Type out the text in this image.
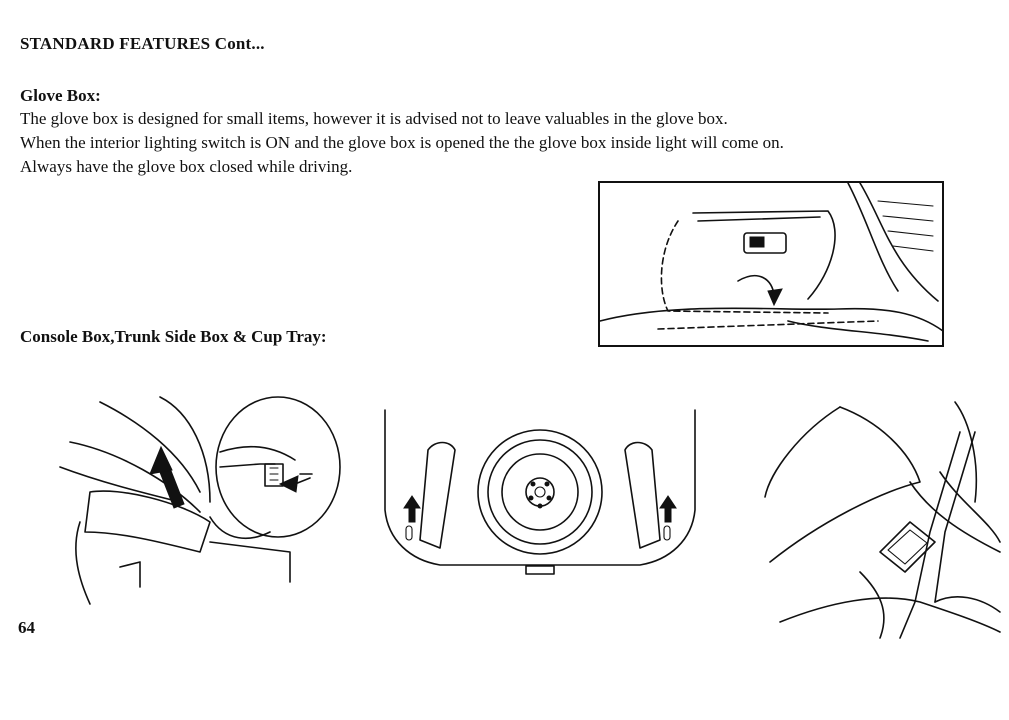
STANDARD FEATURES Cont...
Glove Box:

The glove box is designed for small items, however it is advised not to leave valuables in the glove box.

When the interior lighting switch is ON and the glove box is opened the the glove box inside light will come on.

Always have the glove box closed while driving.

Console Box,Trunk Side Box & Cup Tray:
64
